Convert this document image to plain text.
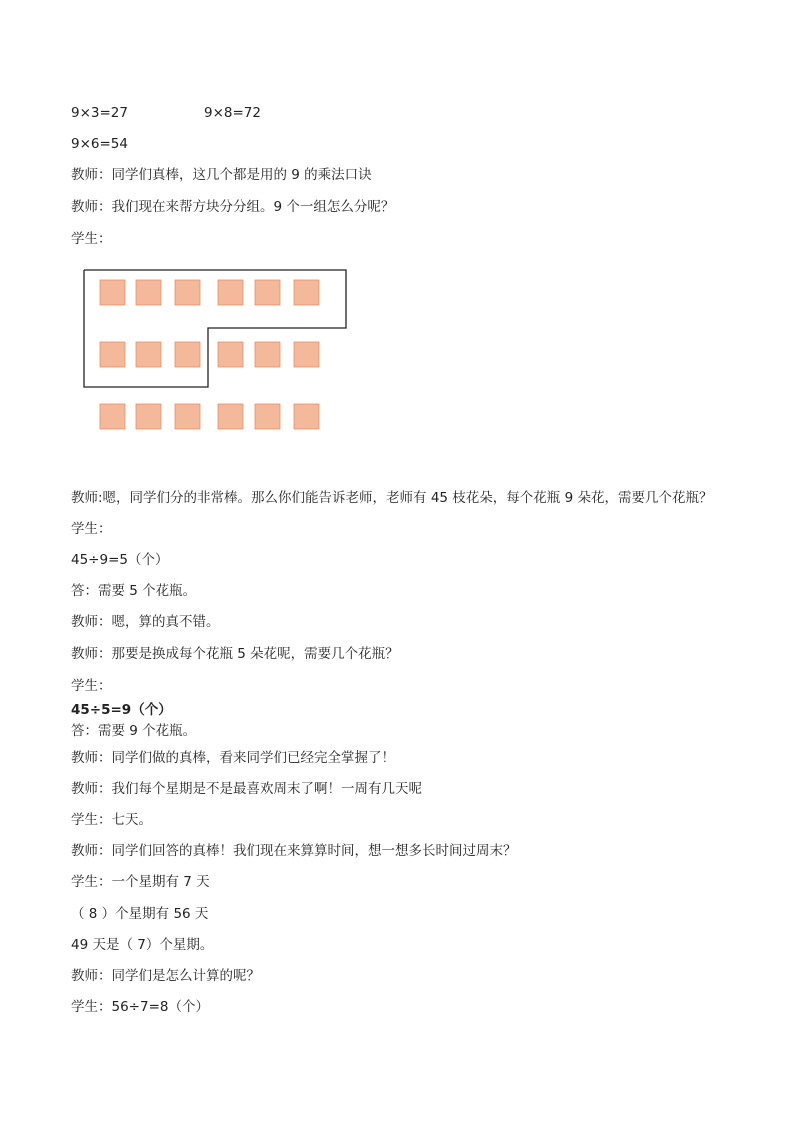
9×3=27	9×8=72
9×6=54
教师：同学们真棒，这几个都是用的 9 的乘法口诀
教师：我们现在来帮方块分分组。9 个一组怎么分呢？
学生：
教师:嗯，同学们分的非常棒。那么你们能告诉老师，老师有 45 枝花朵，每个花瓶 9 朵花，需要几个花瓶？
学生：
45÷9=5（个）
答：需要 5 个花瓶。
教师：嗯，算的真不错。
教师：那要是换成每个花瓶 5 朵花呢，需要几个花瓶？
学生：
45÷5=9（个）
答：需要 9 个花瓶。
教师：同学们做的真棒，看来同学们已经完全掌握了！
教师：我们每个星期是不是最喜欢周末了啊！一周有几天呢
学生：七天。
教师：同学们回答的真棒！我们现在来算算时间，想一想多长时间过周末？
学生：一个星期有 7 天
（ 8 ）个星期有 56 天
49 天是（ 7）个星期。
教师：同学们是怎么计算的呢？
学生：56÷7=8（个）
